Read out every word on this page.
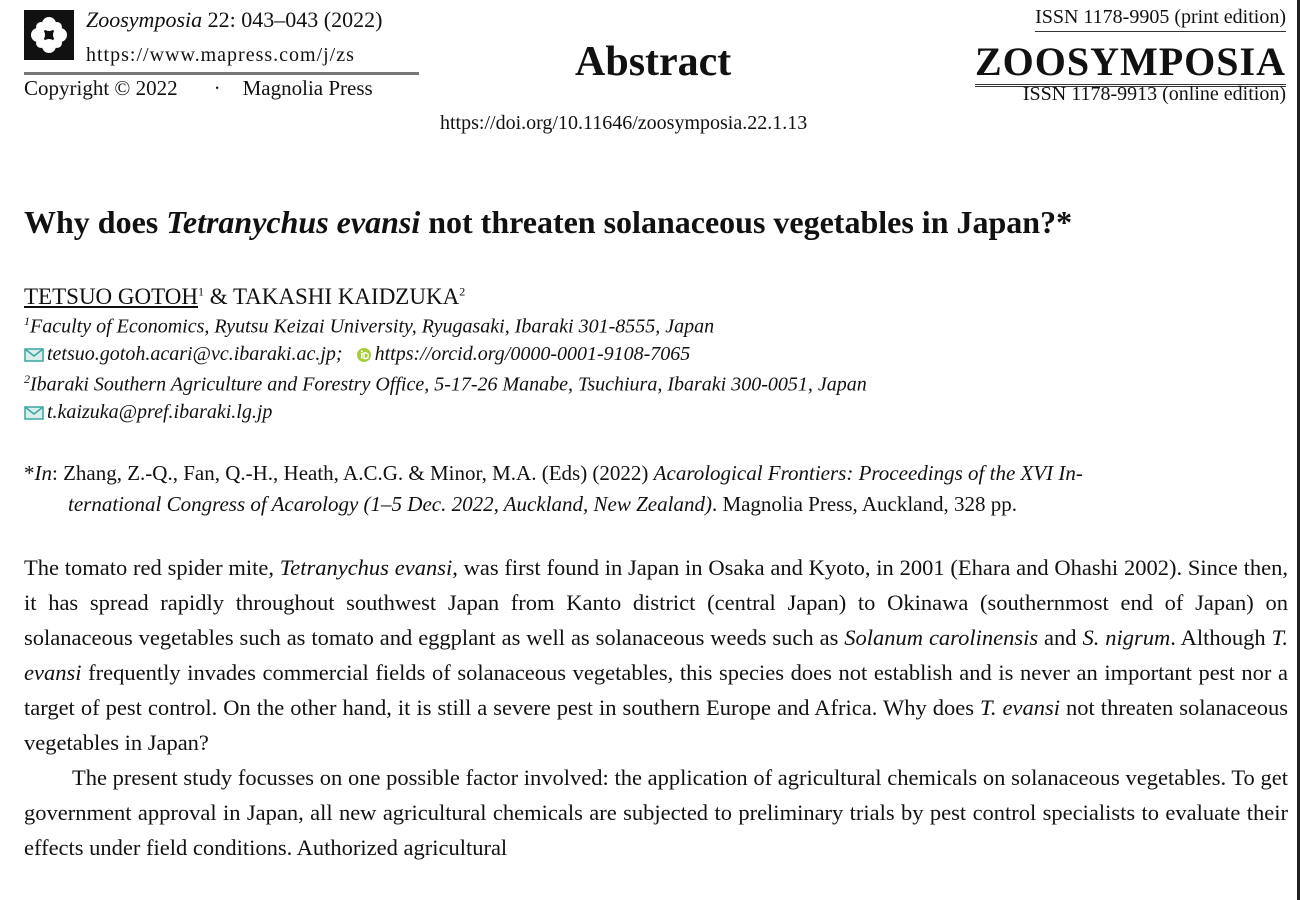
Zoosymposia 22: 043–043 (2022)
https://www.mapress.com/j/zs
Copyright © 2022 · Magnolia Press
Abstract
https://doi.org/10.11646/zoosymposia.22.1.13
ISSN 1178-9905 (print edition)
ZOOSYMPOSIA
ISSN 1178-9913 (online edition)
Why does Tetranychus evansi not threaten solanaceous vegetables in Japan?*
TETSUO GOTOH$^1$ & TAKASHI KAIDZUKA$^2$
$^1$Faculty of Economics, Ryutsu Keizai University, Ryugasaki, Ibaraki 301-8555, Japan
tetsuo.gotoh.acari@vc.ibaraki.ac.jp; https://orcid.org/0000-0001-9108-7065
$^2$Ibaraki Southern Agriculture and Forestry Office, 5-17-26 Manabe, Tsuchiura, Ibaraki 300-0051, Japan
t.kaizuka@pref.ibaraki.lg.jp
*In: Zhang, Z.-Q., Fan, Q.-H., Heath, A.C.G. & Minor, M.A. (Eds) (2022) Acarological Frontiers: Proceedings of the XVI In-
ternational Congress of Acarology (1–5 Dec. 2022, Auckland, New Zealand). Magnolia Press, Auckland, 328 pp.

The tomato red spider mite, Tetranychus evansi, was first found in Japan in Osaka and Kyoto, in 2001 (Ehara and Ohashi 2002). Since then, it has spread rapidly throughout southwest Japan from Kanto district (central Japan) to Okinawa (southernmost end of Japan) on solanaceous vegetables such as tomato and eggplant as well as solanaceous weeds such as Solanum carolinensis and S. nigrum. Although T. evansi frequently invades commercial fields of solanaceous vegetables, this species does not establish and is never an important pest nor a target of pest control. On the other hand, it is still a severe pest in southern Europe and Africa. Why does T. evansi not threaten solanaceous vegetables in Japan?

The present study focusses on one possible factor involved: the application of agricultural chemicals on solanaceous vegetables. To get government approval in Japan, all new agricultural chemicals are subjected to preliminary trials by pest control specialists to evaluate their effects under field conditions. Authorized agricultural
